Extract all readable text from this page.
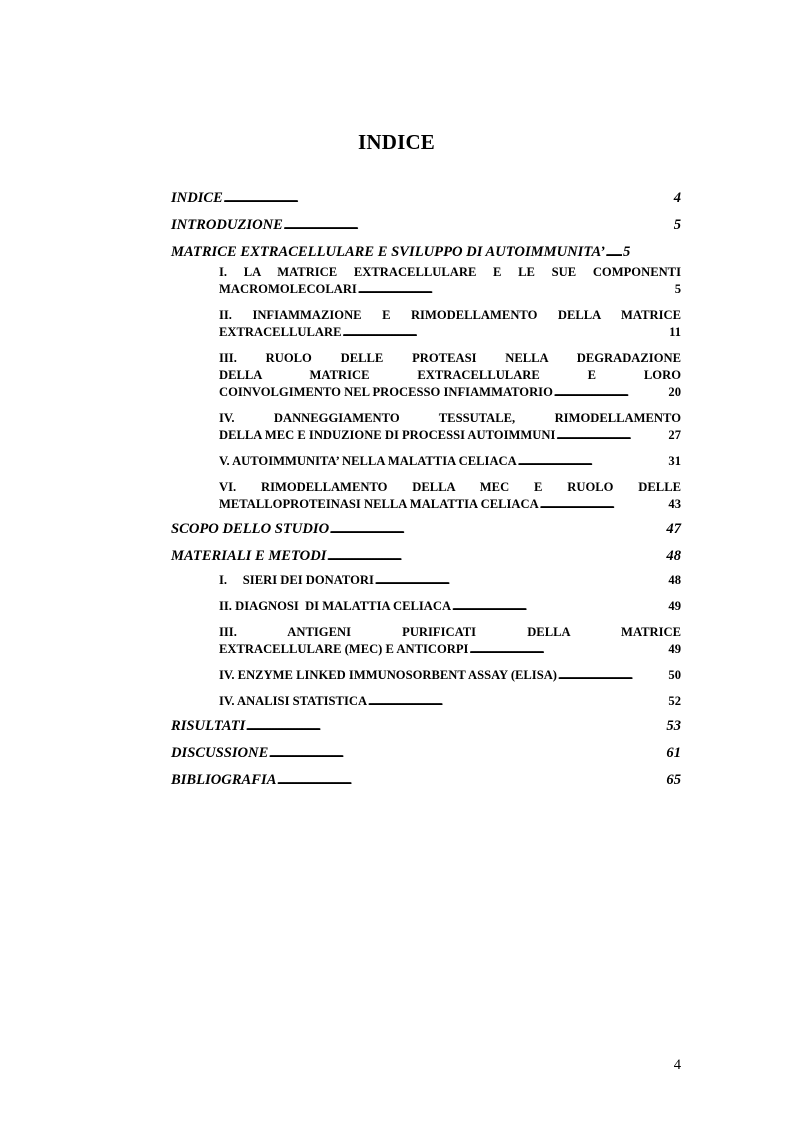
INDICE
INDICE . . .	4
INTRODUZIONE . . .	5
MATRICE EXTRACELLULARE E SVILUPPO DI AUTOIMMUNITA’ . . . 5
I. LA MATRICE EXTRACELLULARE E LE SUE COMPONENTI
MACROMOLECOLARI . . .	5
II. INFIAMMAZIONE E RIMODELLAMENTO DELLA MATRICE
EXTRACELLULARE . . .	11
III. RUOLO DELLE PROTEASI NELLA DEGRADAZIONE
DELLA MATRICE EXTRACELLULARE E LORO
COINVOLGIMENTO NEL PROCESSO INFIAMMATORIO . . .	20
IV. DANNEGGIAMENTO TESSUTALE, RIMODELLAMENTO
DELLA MEC E INDUZIONE DI PROCESSI AUTOIMMUNI . . .	27
V. AUTOIMMUNITA’ NELLA MALATTIA CELIACA . . .	31
VI. RIMODELLAMENTO DELLA MEC E RUOLO DELLE
METALLOPROTEINASI NELLA MALATTIA CELIACA . . .	43
SCOPO DELLO STUDIO . . .	47
MATERIALI E METODI . . .	48
I.     SIERI DEI DONATORI . . .	48
II. DIAGNOSI  DI MALATTIA CELIACA . . .	49
III. ANTIGENI PURIFICATI DELLA MATRICE
EXTRACELLULARE (MEC) E ANTICORPI . . .	49
IV. ENZYME LINKED IMMUNOSORBENT ASSAY (ELISA) . . .	50
IV. ANALISI STATISTICA . . .	52
RISULTATI . . .	53
DISCUSSIONE . . .	61
BIBLIOGRAFIA . . .	65
4
